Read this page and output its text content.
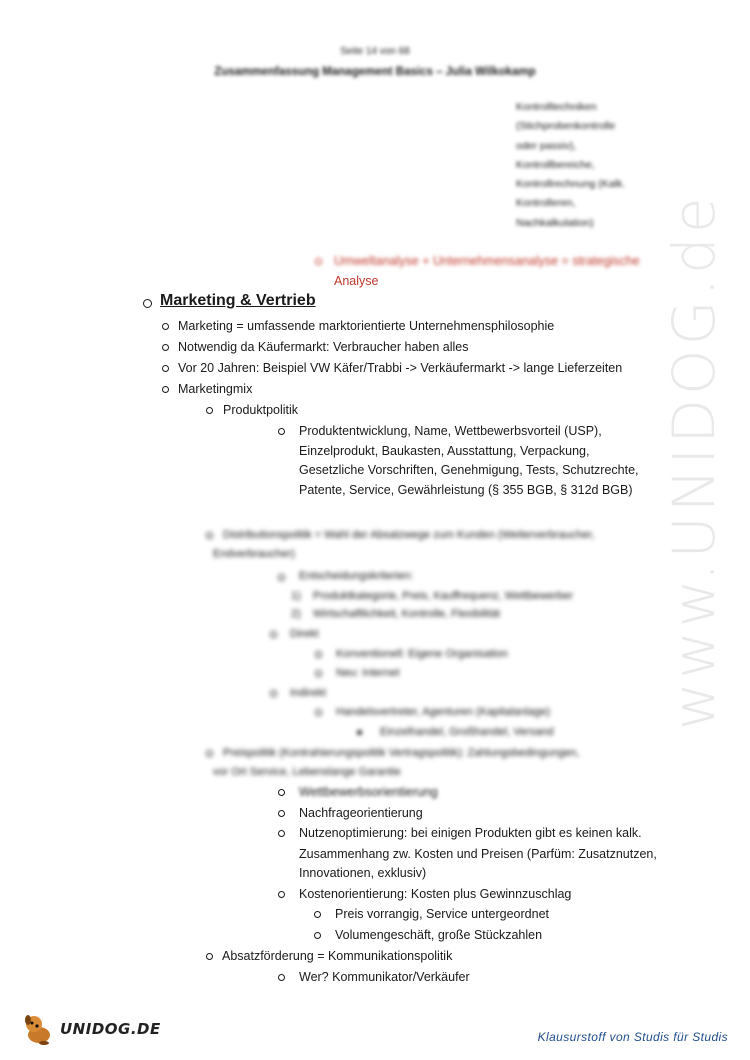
www.UNIDOG.de
Seite 14 von 68
Zusammenfassung Management Basics – Julia Wilkokamp
Kontrolltechniken
(Stichprobenkontrolle
oder passiv),
Kontrollbereiche,
Kontrollrechnung (Kalk.
Kontrolleren,
Nachkalkulation)
Umweltanalyse + Unternehmensanalyse = strategische
Analyse
Marketing & Vertrieb
Marketing = umfassende marktorientierte Unternehmensphilosophie
Notwendig da Käufermarkt: Verbraucher haben alles
Vor 20 Jahren: Beispiel VW Käfer/Trabbi -> Verkäufermarkt -> lange Lieferzeiten
Marketingmix
Produktpolitik
Produktentwicklung, Name, Wettbewerbsvorteil (USP),
Einzelprodukt, Baukasten, Ausstattung, Verpackung,
Gesetzliche Vorschriften, Genehmigung, Tests, Schutzrechte,
Patente, Service, Gewährleistung (§ 355 BGB, § 312d BGB)
Distributionspolitik = Wahl der Absatzwege zum Kunden (Weiterverbraucher,
Endverbraucher)
Entscheidungskriterien:
1) Produktkategorie, Preis, Kauffrequenz, Wettbewerber
2) Wirtschaftlichkeit, Kontrolle, Flexibilität
Direkt
Konventionell: Eigene Organisation
Neu: Internet
Indirekt
Handelsvertreter, Agenturen (Kapitalanlage)
Einzelhandel, Großhandel, Versand
Preispolitik (Kontrahierungspolitik Vertragspolitik): Zahlungsbedingungen,
vor Ort Service, Lebenslange Garantie
Wettbewerbsorientierung
Nachfrageorientierung
Nutzenoptimierung: bei einigen Produkten gibt es keinen kalk.
Zusammenhang zw. Kosten und Preisen (Parfüm: Zusatznutzen,
Innovationen, exklusiv)
Kostenorientierung: Kosten plus Gewinnzuschlag
Preis vorrangig, Service untergeordnet
Volumengeschäft, große Stückzahlen
Absatzförderung = Kommunikationspolitik
Wer? Kommunikator/Verkäufer
UNIDOG.DE	Klausurstoff von Studis für Studis
